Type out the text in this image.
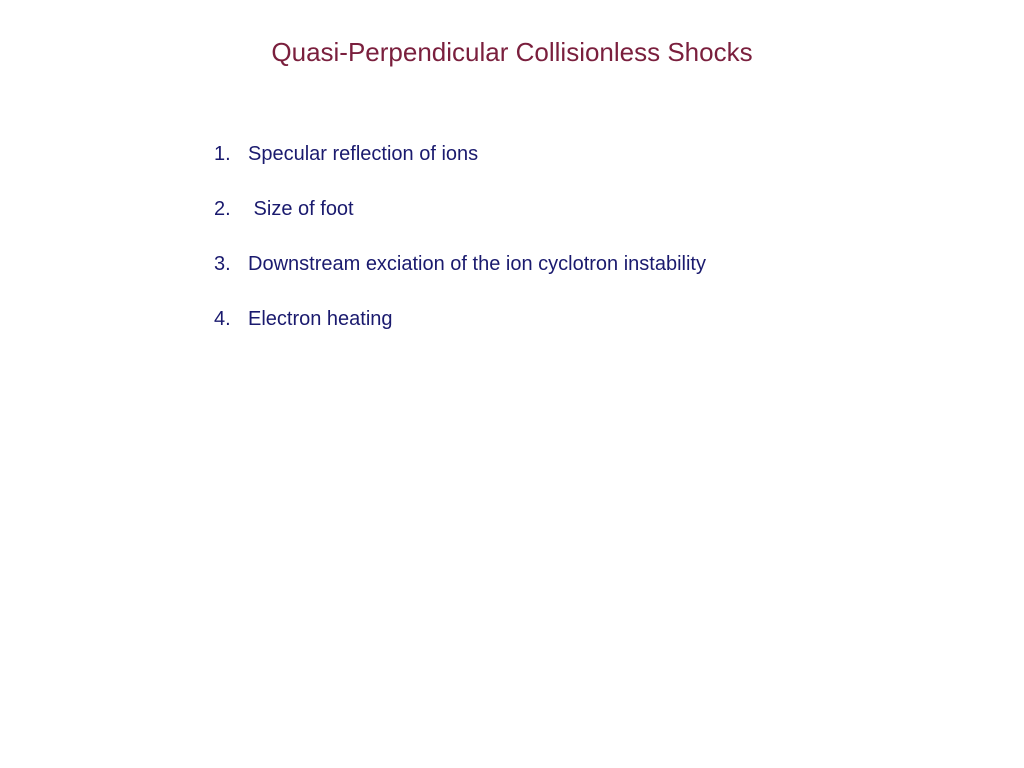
Quasi-Perpendicular Collisionless Shocks
1. Specular reflection of ions
2. Size of foot
3. Downstream exciation of the ion cyclotron instability
4. Electron heating
